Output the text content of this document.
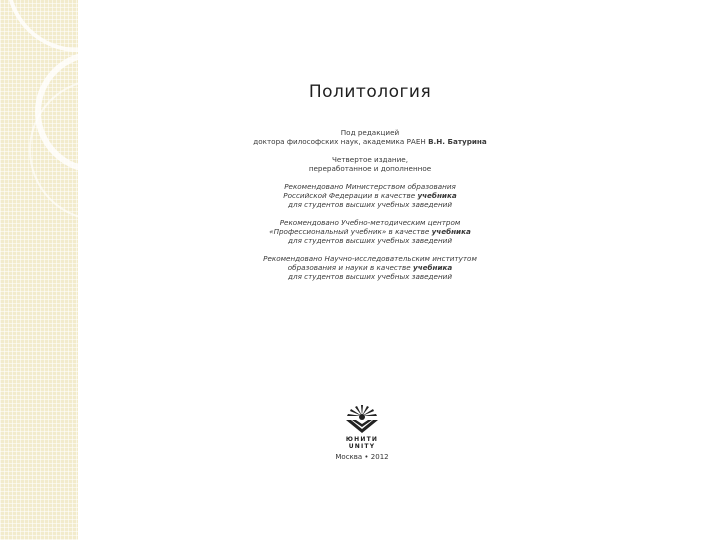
Политология
Под редакцией
доктора философских наук, академика РАЕН В.Н. Батурина
Четвертое издание,
переработанное и дополненное
Рекомендовано Министерством образования
Российской Федерации в качестве учебника
для студентов высших учебных заведений
Рекомендовано Учебно-методическим центром
«Профессиональный учебник» в качестве учебника
для студентов высших учебных заведений
Рекомендовано Научно-исследовательским институтом
образования и науки в качестве учебника
для студентов высших учебных заведений
ЮНИТИ
UNITY
Москва • 2012
